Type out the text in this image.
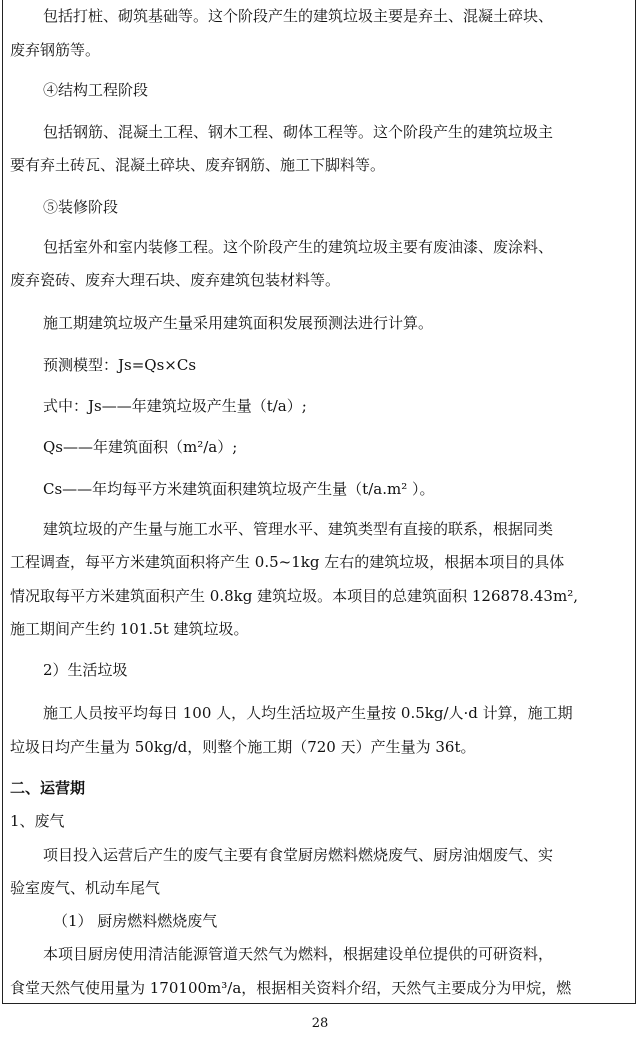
包括打桩、砌筑基础等。这个阶段产生的建筑垃圾主要是弃土、混凝土碎块、
废弃钢筋等。
④结构工程阶段
包括钢筋、混凝土工程、钢木工程、砌体工程等。这个阶段产生的建筑垃圾主
要有弃土砖瓦、混凝土碎块、废弃钢筋、施工下脚料等。
⑤装修阶段
包括室外和室内装修工程。这个阶段产生的建筑垃圾主要有废油漆、废涂料、
废弃瓷砖、废弃大理石块、废弃建筑包装材料等。
施工期建筑垃圾产生量采用建筑面积发展预测法进行计算。
预测模型：Js=Qs×Cs
式中：Js——年建筑垃圾产生量（t/a）;
Qs——年建筑面积（m²/a）;
Cs——年均每平方米建筑面积建筑垃圾产生量（t/a.m² ）。
建筑垃圾的产生量与施工水平、管理水平、建筑类型有直接的联系，根据同类
工程调查，每平方米建筑面积将产生 0.5~1kg 左右的建筑垃圾，根据本项目的具体
情况取每平方米建筑面积产生 0.8kg 建筑垃圾。本项目的总建筑面积 126878.43m²,
施工期间产生约 101.5t 建筑垃圾。
2）生活垃圾
施工人员按平均每日 100 人，人均生活垃圾产生量按 0.5kg/人·d 计算，施工期
垃圾日均产生量为 50kg/d，则整个施工期（720 天）产生量为 36t。
二、运营期
1、废气
项目投入运营后产生的废气主要有食堂厨房燃料燃烧废气、厨房油烟废气、实
验室废气、机动车尾气
（1） 厨房燃料燃烧废气
本项目厨房使用清洁能源管道天然气为燃料，根据建设单位提供的可研资料，
食堂天然气使用量为 170100m³/a，根据相关资料介绍，天然气主要成分为甲烷，燃
28
